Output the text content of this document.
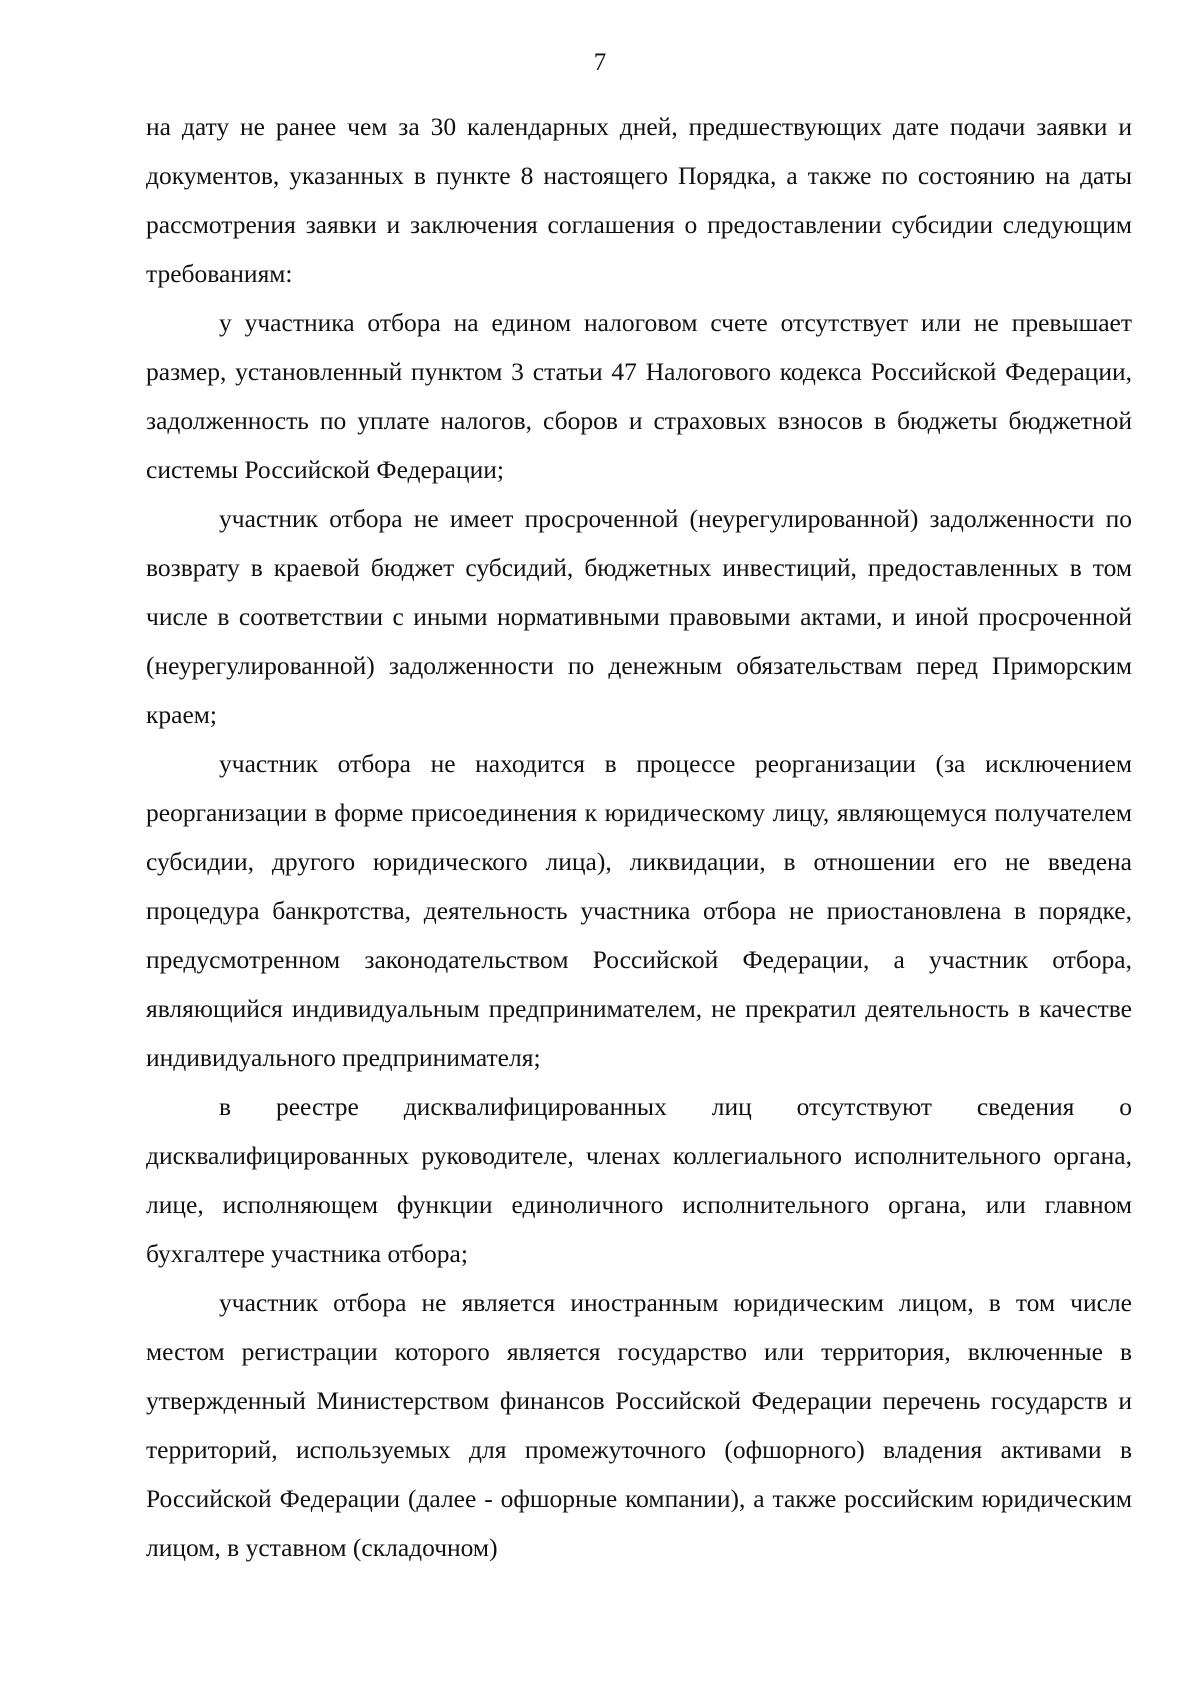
7

на дату не ранее чем за 30 календарных дней, предшествующих дате подачи заявки и документов, указанных в пункте 8 настоящего Порядка, а также по состоянию на даты рассмотрения заявки и заключения соглашения о предоставлении субсидии следующим требованиям:

у участника отбора на едином налоговом счете отсутствует или не превышает размер, установленный пунктом 3 статьи 47 Налогового кодекса Российской Федерации, задолженность по уплате налогов, сборов и страховых взносов в бюджеты бюджетной системы Российской Федерации;

участник отбора не имеет просроченной (неурегулированной) задолженности по возврату в краевой бюджет субсидий, бюджетных инвестиций, предоставленных в том числе в соответствии с иными нормативными правовыми актами, и иной просроченной (неурегулированной) задолженности по денежным обязательствам перед Приморским краем;

участник отбора не находится в процессе реорганизации (за исключением реорганизации в форме присоединения к юридическому лицу, являющемуся получателем субсидии, другого юридического лица), ликвидации, в отношении его не введена процедура банкротства, деятельность участника отбора не приостановлена в порядке, предусмотренном законодательством Российской Федерации, а участник отбора, являющийся индивидуальным предпринимателем, не прекратил деятельность в качестве индивидуального предпринимателя;

в реестре дисквалифицированных лиц отсутствуют сведения о дисквалифицированных руководителе, членах коллегиального исполнительного органа, лице, исполняющем функции единоличного исполнительного органа, или главном бухгалтере участника отбора;

участник отбора не является иностранным юридическим лицом, в том числе местом регистрации которого является государство или территория, включенные в утвержденный Министерством финансов Российской Федерации перечень государств и территорий, используемых для промежуточного (офшорного) владения активами в Российской Федерации (далее - офшорные компании), а также российским юридическим лицом, в уставном (складочном)
